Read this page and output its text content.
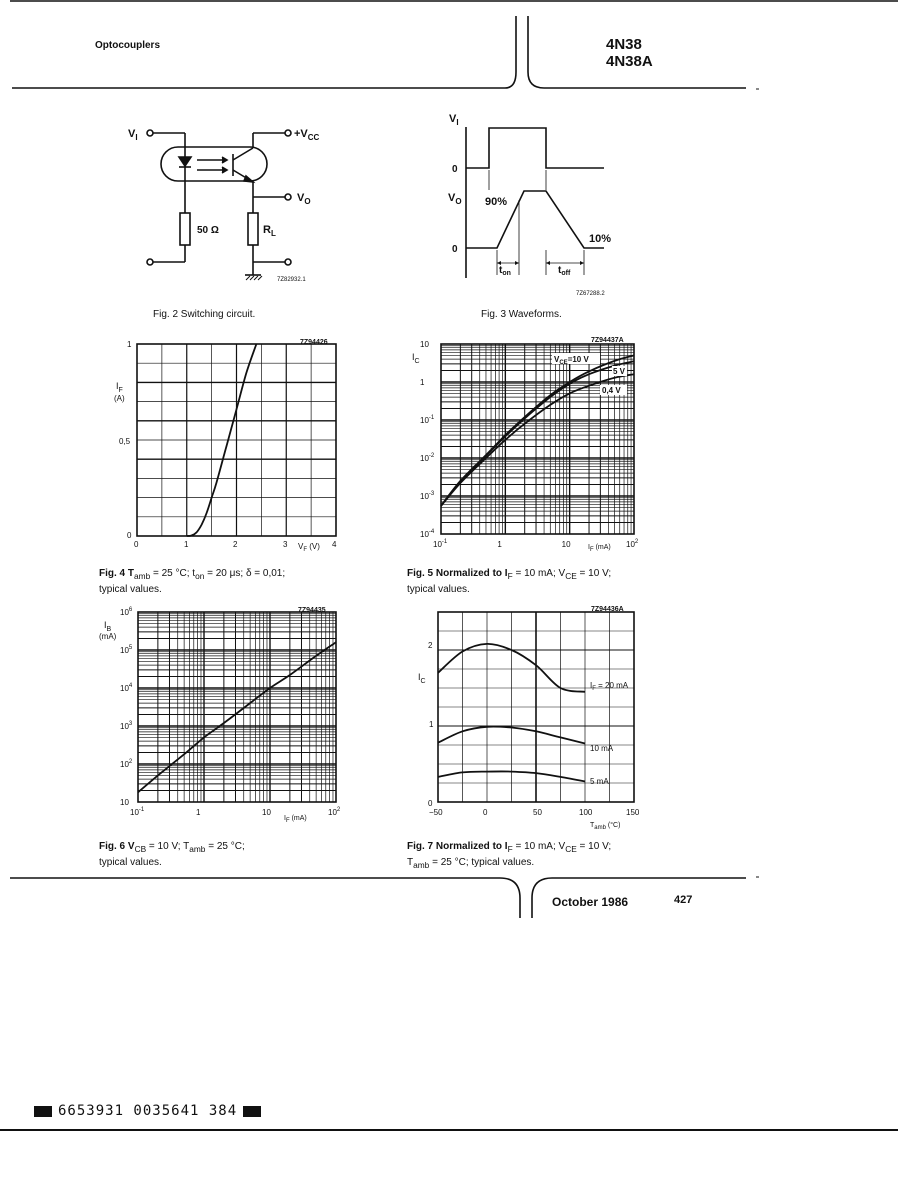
Optocouplers	4N38
4N38A
$V_I$	$+V_{CC}$
$V_O$
50 Ω	$R_L$
7Z82932.1
Fig. 2 Switching circuit.
$V_I$
0
$V_O$
0
90%
10%
$t_{on}$	$t_{off}$
7Z67288.2
Fig. 3 Waveforms.
7Z94426
$I_F$
(A)
1
0,5
0
0	1	2	3 $V_F$ (V) 4
Fig. 4 $T_{amb} = 25$ °C; $t_{on} = 20$ μs; δ = 0,01;
typical values.
7Z94437A
$I_C$
10
1
$10^{-1}$
$10^{-2}$
$10^{-3}$
$10^{-4}$
$10^{-1}$	1	10	$10^2$
IF (mA)
$V_{CE}=10$ V
5 V
0,4 V
Fig. 5 Normalized to $I_F = 10$ mA; $V_{CE} = 10$ V;
typical values.
7Z94435
$I_B$
(mA)
$10^6$
$10^5$
$10^4$
$10^3$
$10^2$
10
$10^{-1}$	1	10	$10^2$
IF (mA)
Fig. 6 $V_{CB} = 10$ V; $T_{amb} = 25$ °C;
typical values.
7Z94436A
$I_C$
2
1
0
−50	0	50	100	150
Tamb (°C)
$I_F = 20$ mA
10 mA
5 mA
Fig. 7 Normalized to $I_F = 10$ mA; $V_{CE} = 10$ V;
$T_{amb} = 25$ °C; typical values.
October 1986	427
6653931 0035641 384
